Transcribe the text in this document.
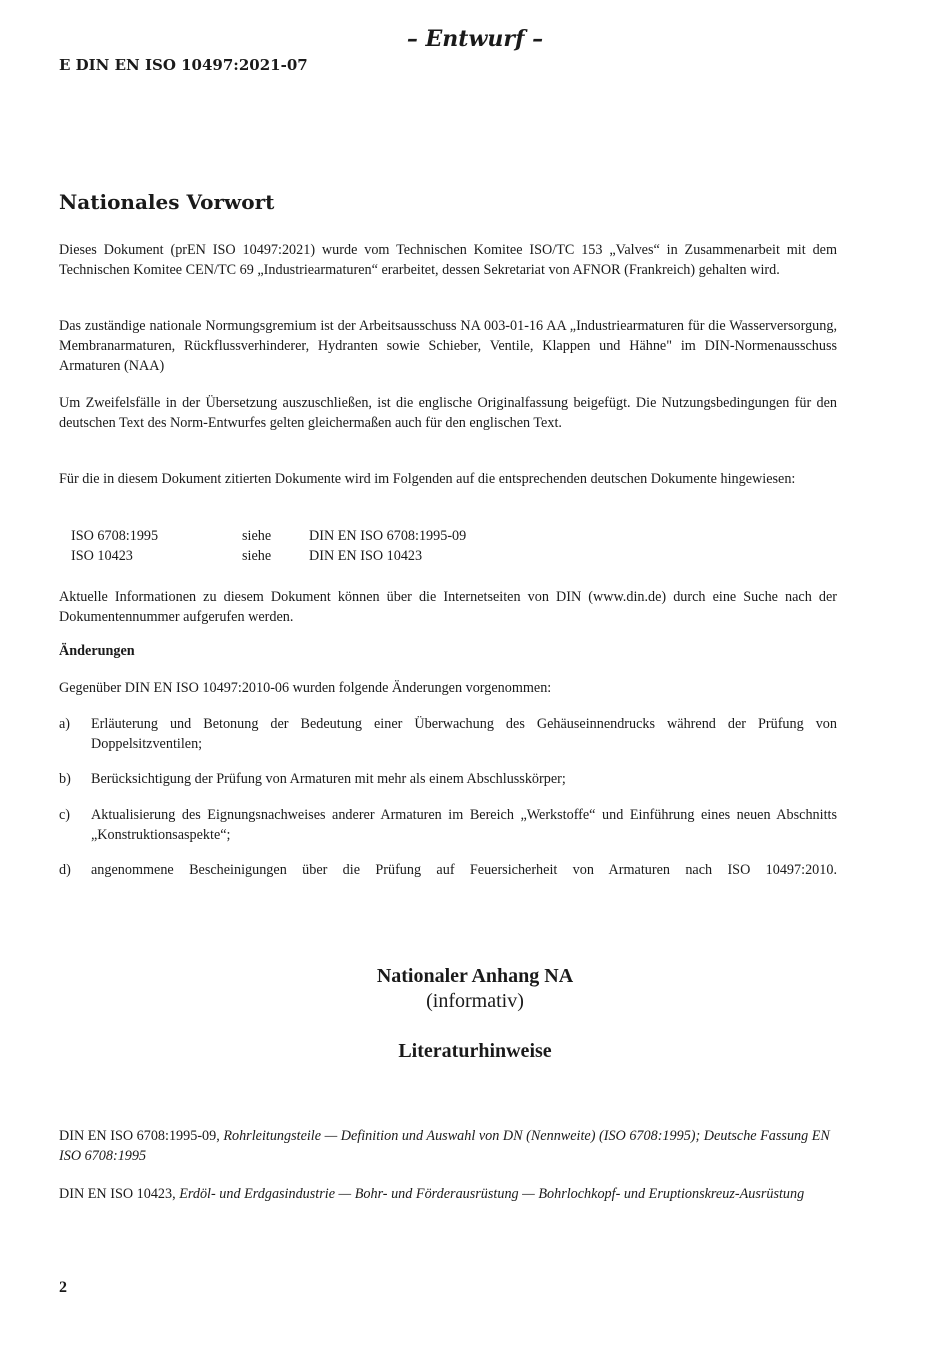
– Entwurf –
E DIN EN ISO 10497:2021-07
Nationales Vorwort
Dieses Dokument (prEN ISO 10497:2021) wurde vom Technischen Komitee ISO/TC 153 „Valves“ in Zusammenarbeit mit dem Technischen Komitee CEN/TC 69 „Industriearmaturen“ erarbeitet, dessen Sekretariat von AFNOR (Frankreich) gehalten wird.
Das zuständige nationale Normungsgremium ist der Arbeitsausschuss NA 003-01-16 AA „Industriearmaturen für die Wasserversorgung, Membranarmaturen, Rückflussverhinderer, Hydranten sowie Schieber, Ventile, Klappen und Hähne" im DIN-Normenausschuss Armaturen (NAA)
Um Zweifelsfälle in der Übersetzung auszuschließen, ist die englische Originalfassung beigefügt. Die Nutzungsbedingungen für den deutschen Text des Norm-Entwurfes gelten gleichermaßen auch für den englischen Text.
Für die in diesem Dokument zitierten Dokumente wird im Folgenden auf die entsprechenden deutschen Dokumente hingewiesen:
ISO 6708:1995	siehe	DIN EN ISO 6708:1995-09
ISO 10423	siehe	DIN EN ISO 10423
Aktuelle Informationen zu diesem Dokument können über die Internetseiten von DIN (www.din.de) durch eine Suche nach der Dokumentennummer aufgerufen werden.
Änderungen
Gegenüber DIN EN ISO 10497:2010-06 wurden folgende Änderungen vorgenommen:
a) Erläuterung und Betonung der Bedeutung einer Überwachung des Gehäuseinnendrucks während der Prüfung von Doppelsitzventilen;
b) Berücksichtigung der Prüfung von Armaturen mit mehr als einem Abschlusskörper;
c) Aktualisierung des Eignungsnachweises anderer Armaturen im Bereich „Werkstoffe“ und Einführung eines neuen Abschnitts „Konstruktionsaspekte“;
d) angenommene Bescheinigungen über die Prüfung auf Feuersicherheit von Armaturen nach ISO 10497:2010.
Nationaler Anhang NA
(informativ)
Literaturhinweise
DIN EN ISO 6708:1995-09, Rohrleitungsteile — Definition und Auswahl von DN (Nennweite) (ISO 6708:1995); Deutsche Fassung EN ISO 6708:1995
DIN EN ISO 10423, Erdöl- und Erdgasindustrie — Bohr- und Förderausrüstung — Bohrlochkopf- und Eruptionskreuz-Ausrüstung
2
